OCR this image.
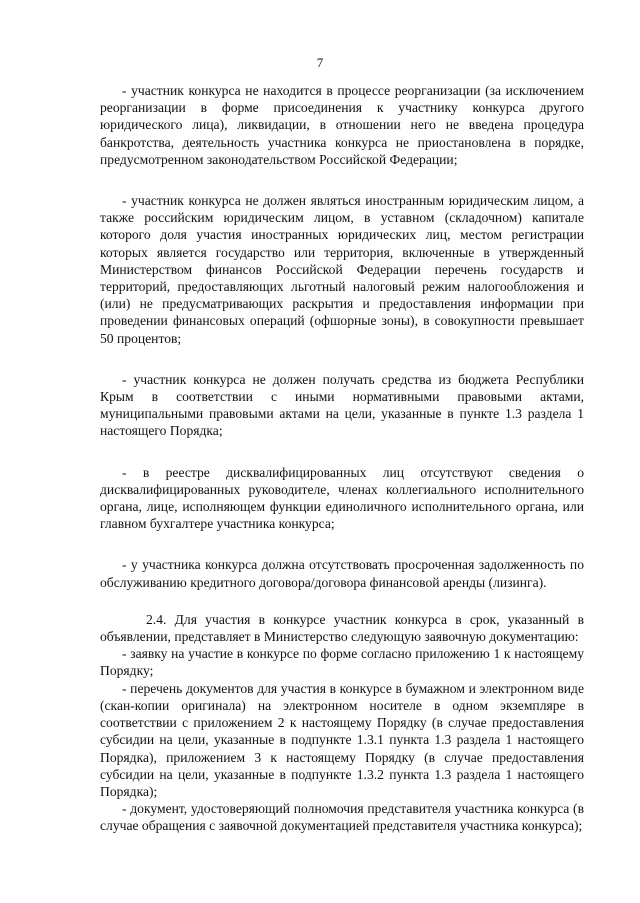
7

- участник конкурса не находится в процессе реорганизации (за исключением реорганизации в форме присоединения к участнику конкурса другого юридического лица), ликвидации, в отношении него не введена процедура банкротства, деятельность участника конкурса не приостановлена в порядке, предусмотренном законодательством Российской Федерации;

- участник конкурса не должен являться иностранным юридическим лицом, а также российским юридическим лицом, в уставном (складочном) капитале которого доля участия иностранных юридических лиц, местом регистрации которых является государство или территория, включенные в утвержденный Министерством финансов Российской Федерации перечень государств и территорий, предоставляющих льготный налоговый режим налогообложения и (или) не предусматривающих раскрытия и предоставления информации при проведении финансовых операций (офшорные зоны), в совокупности превышает 50 процентов;

- участник конкурса не должен получать средства из бюджета Республики Крым в соответствии с иными нормативными правовыми актами, муниципальными правовыми актами на цели, указанные в пункте 1.3 раздела 1 настоящего Порядка;

- в реестре дисквалифицированных лиц отсутствуют сведения о дисквалифицированных руководителе, членах коллегиального исполнительного органа, лице, исполняющем функции единоличного исполнительного органа, или главном бухгалтере участника конкурса;

- у участника конкурса должна отсутствовать просроченная задолженность по обслуживанию кредитного договора/договора финансовой аренды (лизинга).

2.4. Для участия в конкурсе участник конкурса в срок, указанный в объявлении, представляет в Министерство следующую заявочную документацию:

- заявку на участие в конкурсе по форме согласно приложению 1 к настоящему Порядку;

- перечень документов для участия в конкурсе в бумажном и электронном виде (скан-копии оригинала) на электронном носителе в одном экземпляре в соответствии с приложением 2 к настоящему Порядку (в случае предоставления субсидии на цели, указанные в подпункте 1.3.1 пункта 1.3 раздела 1 настоящего Порядка), приложением 3 к настоящему Порядку (в случае предоставления субсидии на цели, указанные в подпункте 1.3.2 пункта 1.3 раздела 1 настоящего Порядка);

- документ, удостоверяющий полномочия представителя участника конкурса (в случае обращения с заявочной документацией представителя участника конкурса);
